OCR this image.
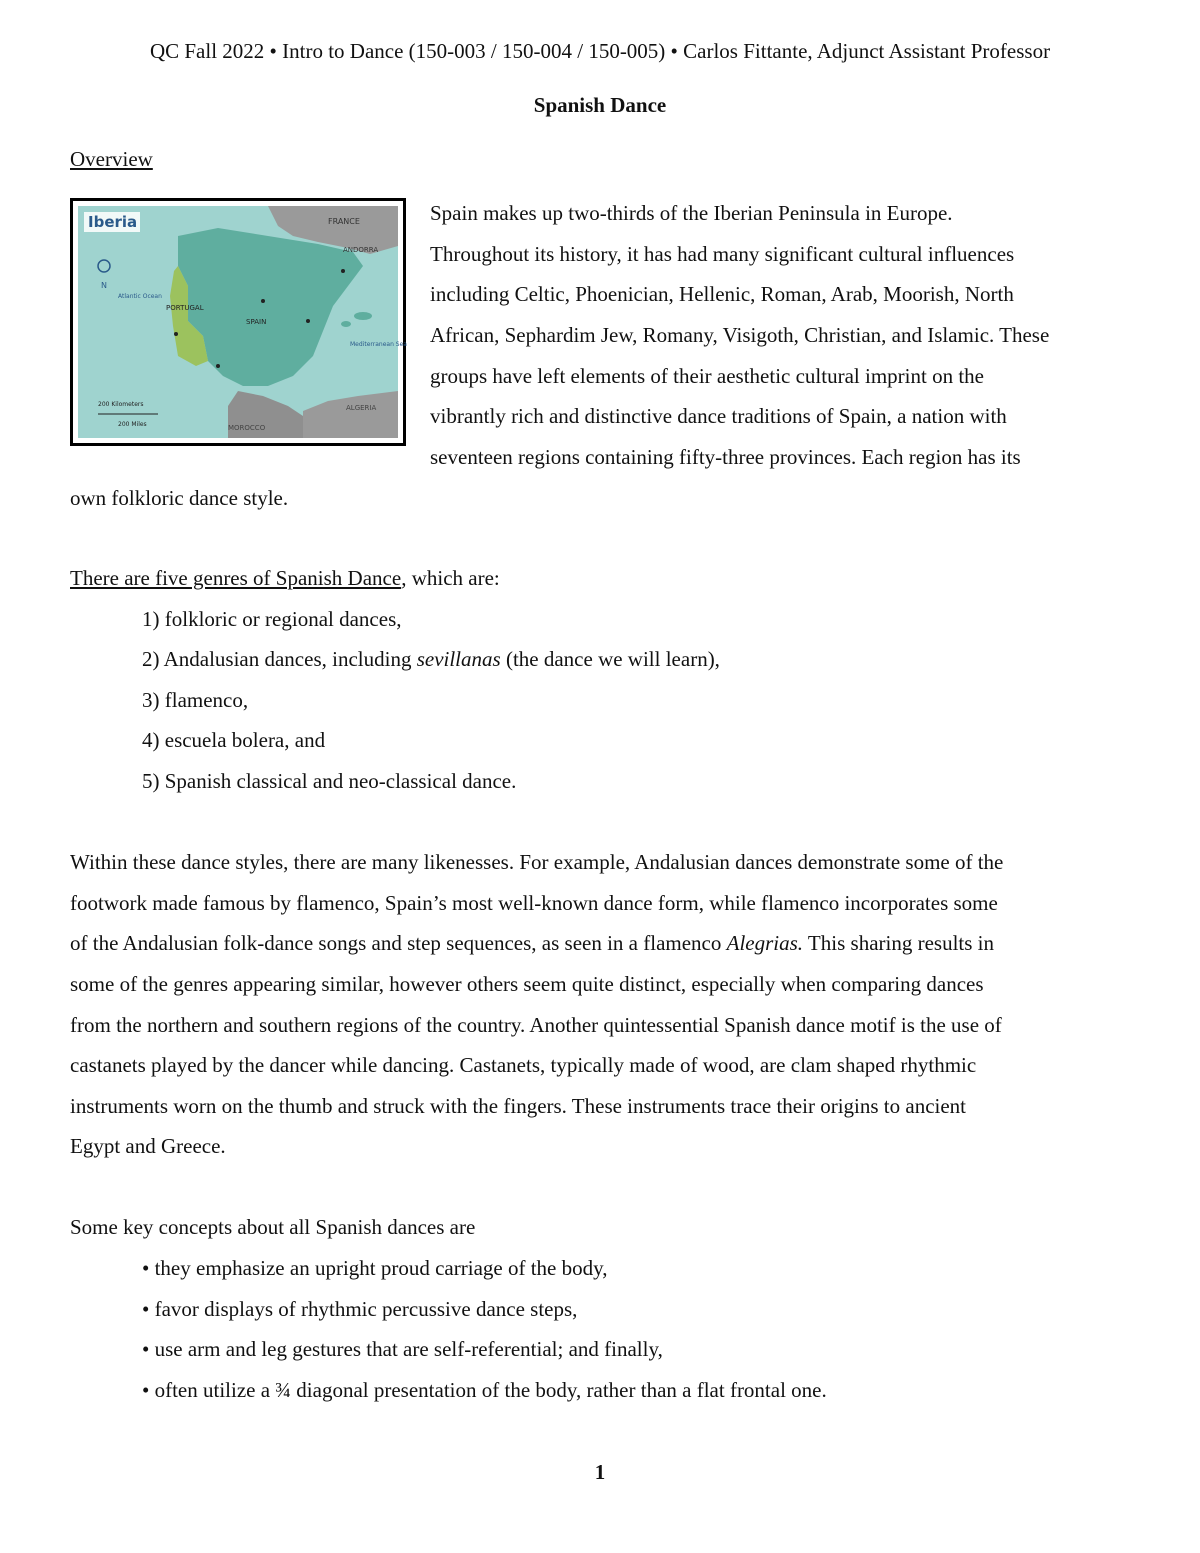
QC Fall 2022 • Intro to Dance (150-003 / 150-004 / 150-005) • Carlos Fittante, Adjunct Assistant Professor
Spanish Dance
Overview
Iberia	FRANCE
ANDORRA
PORTUGAL
SPAIN
MOROCCO
ALGERIA
Atlantic Ocean
Mediterranean Sea
N
200 Kilometers
200 Miles
Spain makes up two-thirds of the Iberian Peninsula in Europe.
Throughout its history, it has had many significant cultural influences
including Celtic, Phoenician, Hellenic, Roman, Arab, Moorish, North
African, Sephardim Jew, Romany, Visigoth, Christian, and Islamic. These
groups have left elements of their aesthetic cultural imprint on the
vibrantly rich and distinctive dance traditions of Spain, a nation with
seventeen regions containing fifty-three provinces. Each region has its
own folkloric dance style.
There are five genres of Spanish Dance, which are:
1) folkloric or regional dances,
2) Andalusian dances, including sevillanas (the dance we will learn),
3) flamenco,
4) escuela bolera, and
5) Spanish classical and neo-classical dance.
Within these dance styles, there are many likenesses. For example, Andalusian dances demonstrate some of the
footwork made famous by flamenco, Spain’s most well-known dance form, while flamenco incorporates some
of the Andalusian folk-dance songs and step sequences, as seen in a flamenco Alegrias. This sharing results in
some of the genres appearing similar, however others seem quite distinct, especially when comparing dances
from the northern and southern regions of the country. Another quintessential Spanish dance motif is the use of
castanets played by the dancer while dancing. Castanets, typically made of wood, are clam shaped rhythmic
instruments worn on the thumb and struck with the fingers. These instruments trace their origins to ancient
Egypt and Greece.
Some key concepts about all Spanish dances are
• they emphasize an upright proud carriage of the body,
• favor displays of rhythmic percussive dance steps,
• use arm and leg gestures that are self-referential; and finally,
• often utilize a ¾ diagonal presentation of the body, rather than a flat frontal one.
1
